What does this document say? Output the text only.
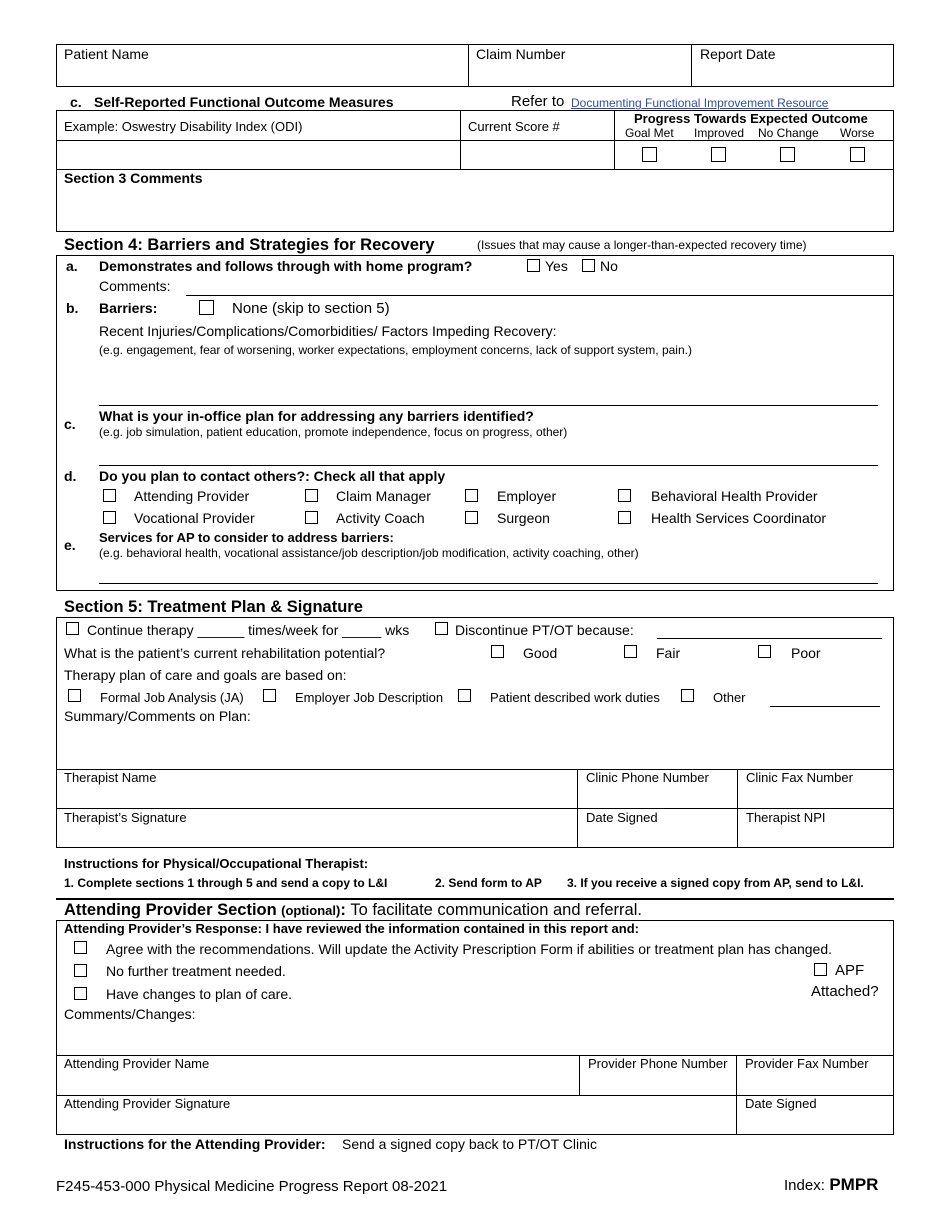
Patient Name	Claim Number	Report Date
c. Self-Reported Functional Outcome Measures	Refer to Documenting Functional Improvement Resource
Example: Oswestry Disability Index (ODI)	Current Score #
Progress Towards Expected Outcome
Goal Met Improved No Change Worse
Section 3 Comments
Section 4: Barriers and Strategies for Recovery	(Issues that may cause a longer-than-expected recovery time)
a. Demonstrates and follows through with home program?	Yes No
Comments:
b. Barriers:	None (skip to section 5)
Recent Injuries/Complications/Comorbidities/ Factors Impeding Recovery:
(e.g. engagement, fear of worsening, worker expectations, employment concerns, lack of support system, pain.)
c. What is your in-office plan for addressing any barriers identified?
(e.g. job simulation, patient education, promote independence, focus on progress, other)
d. Do you plan to contact others?: Check all that apply
Attending Provider	Claim Manager	Employer	Behavioral Health Provider
Vocational Provider	Activity Coach	Surgeon	Health Services Coordinator
e. Services for AP to consider to address barriers:
(e.g. behavioral health, vocational assistance/job description/job modification, activity coaching, other)
Section 5: Treatment Plan & Signature
Continue therapy ______ times/week for _____ wks	Discontinue PT/OT because:
What is the patient’s current rehabilitation potential?	Good	Fair	Poor
Therapy plan of care and goals are based on:
Formal Job Analysis (JA)	Employer Job Description	Patient described work duties	Other
Summary/Comments on Plan:
Therapist Name	Clinic Phone Number	Clinic Fax Number
Therapist’s Signature	Date Signed	Therapist NPI
Instructions for Physical/Occupational Therapist:
1. Complete sections 1 through 5 and send a copy to L&I	2. Send form to AP 3. If you receive a signed copy from AP, send to L&I.
Attending Provider Section (optional): To facilitate communication and referral.
Attending Provider’s Response: I have reviewed the information contained in this report and:
Agree with the recommendations. Will update the Activity Prescription Form if abilities or treatment plan has changed.
No further treatment needed.
Have changes to plan of care.
APF
Attached?
Comments/Changes:
Attending Provider Name	Provider Phone Number Provider Fax Number
Attending Provider Signature	Date Signed
Instructions for the Attending Provider: Send a signed copy back to PT/OT Clinic
F245-453-000 Physical Medicine Progress Report 08-2021	Index: PMPR
